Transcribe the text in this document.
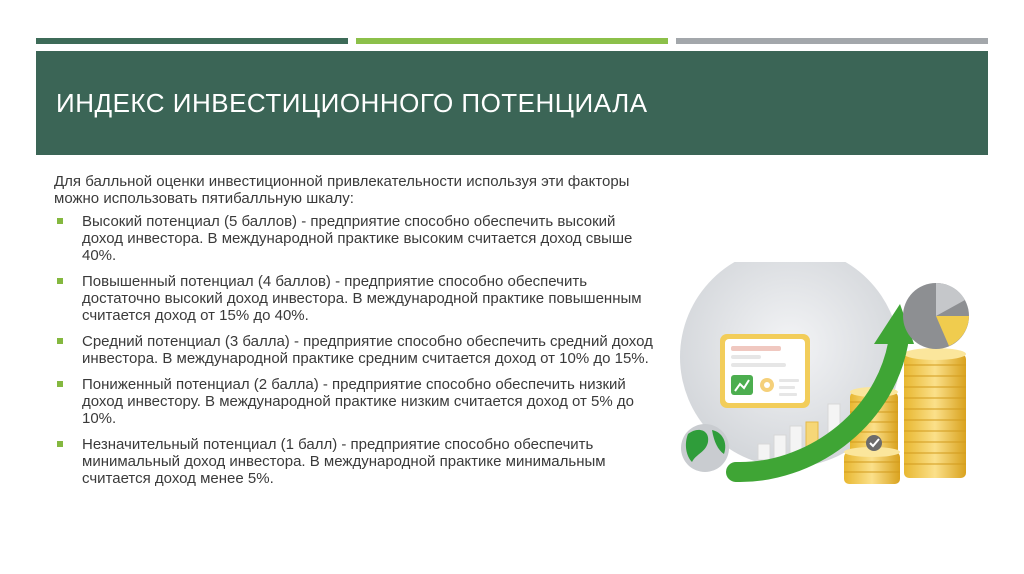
ИНДЕКС ИНВЕСТИЦИОННОГО ПОТЕНЦИАЛА

Для балльной оценки инвестиционной привлекательности используя эти факторы можно использовать пятибалльную шкалу:

Высокий потенциал (5 баллов) - предприятие способно обеспечить высокий доход инвестора. В международной практике высоким считается доход свыше 40%.
Повышенный потенциал (4 баллов) - предприятие способно обеспечить достаточно высокий доход инвестора. В международной практике повышенным считается доход от 15% до 40%.
Средний потенциал (3 балла) - предприятие способно обеспечить средний доход инвестора. В международной практике средним считается доход от 10% до 15%.
Пониженный потенциал (2 балла) - предприятие способно обеспечить низкий доход инвестору. В международной практике низким считается доход от 5% до 10%.
Незначительный потенциал (1 балл) - предприятие способно обеспечить минимальный доход инвестора. В международной практике минимальным считается доход менее 5%.
